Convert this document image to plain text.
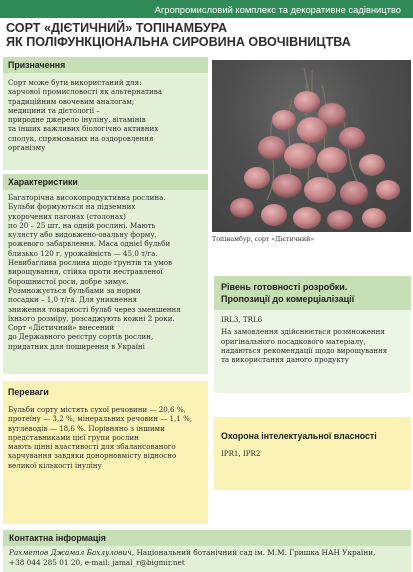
Агропромисловий комплекс та декоративне садівництво
СОРТ «ДІЄТИЧНИЙ» ТОПІНАМБУРА
ЯК ПОЛІФУНКЦІОНАЛЬНА СИРОВИНА ОВОЧІВНИЦТВА
Призначення
Сорт може бути використаний для:
харчової промисловості як альтернатива
традиційним овочевим аналогам;
медицини та дієтології –
природне джерело інуліну, вітамінів
та інших важливих біологічно активних
сполук, спрямованих на оздоровлення
організму
Характеристики
Багаторічна високопродуктивна рослина.
Бульби формуються на підземних
укорочених пагонах (столонах)
по 20 – 25 шт. на одній рослині. Мають
кулясту або видовжено-овальну форму,
рожевого забарвлення. Маса однієї бульби
близько 120 г, урожайність — 45,0 т/га.
Невибаглива рослина щодо ґрунтів та умов
вирощування, стійка проти нестравленої
борошнистої роси, добре зимує.
Розмножується бульбами за норми
посадки – 1,0 т/га. Для уникнення
зниження товарності бульб через зменшення
їхнього розміру, розсаджують кожні 2 роки.
Сорт «Дієтичний» внесений
до Державного реєстру сортів рослин,
придатних для поширення в Україні
Переваги
Бульби сорту містять сухої речовини — 20,6 %,
протеїну — 3,2 %, мінеральних речовин — 1,1 %,
вуглеводів — 18,6 %. Порівняно з іншими
представниками цієї групи рослин
мають цінні властивості для збалансованого
харчування завдяки донорновмісту відносно
великої кількості інуліну
Топінамбур, сорт «Дієтичний»
Рівень готовності розробки.
Пропозиції до комерціалізації
IRL3, TRL6
На замовлення здійснюється розмноження
оригінального посадкового матеріалу,
надаються рекомендації щодо вирощування
та використання даного продукту
Охорона інтелектуальної власності
IPR1, IPR2
Контактна інформація
Рахметов Джамал Бахлулович, Національний ботанічний сад ім. М.М. Гришка НАН України,
+38 044 285 01 20, e-mail: jamal_r@bigmir.net
